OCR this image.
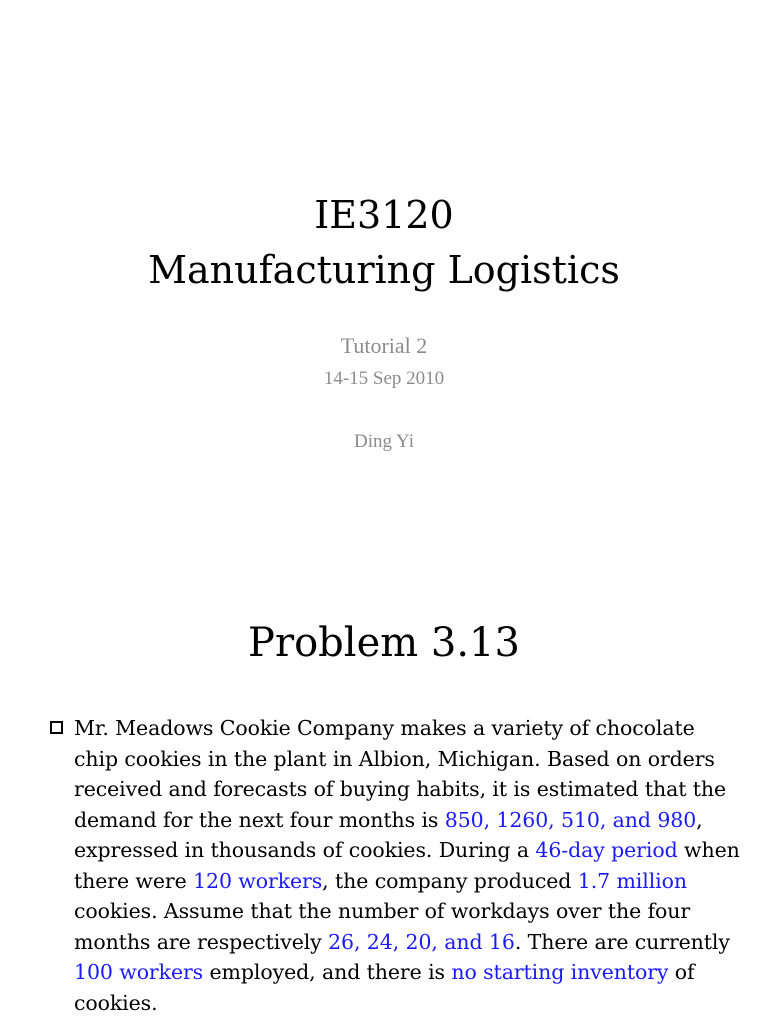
IE3120
Manufacturing Logistics
Tutorial 2
14-15 Sep 2010
Ding Yi
Problem 3.13
Mr. Meadows Cookie Company makes a variety of chocolate chip cookies in the plant in Albion, Michigan. Based on orders received and forecasts of buying habits, it is estimated that the demand for the next four months is 850, 1260, 510, and 980, expressed in thousands of cookies. During a 46-day period when there were 120 workers, the company produced 1.7 million cookies. Assume that the number of workdays over the four months are respectively 26, 24, 20, and 16. There are currently 100 workers employed, and there is no starting inventory of cookies.
